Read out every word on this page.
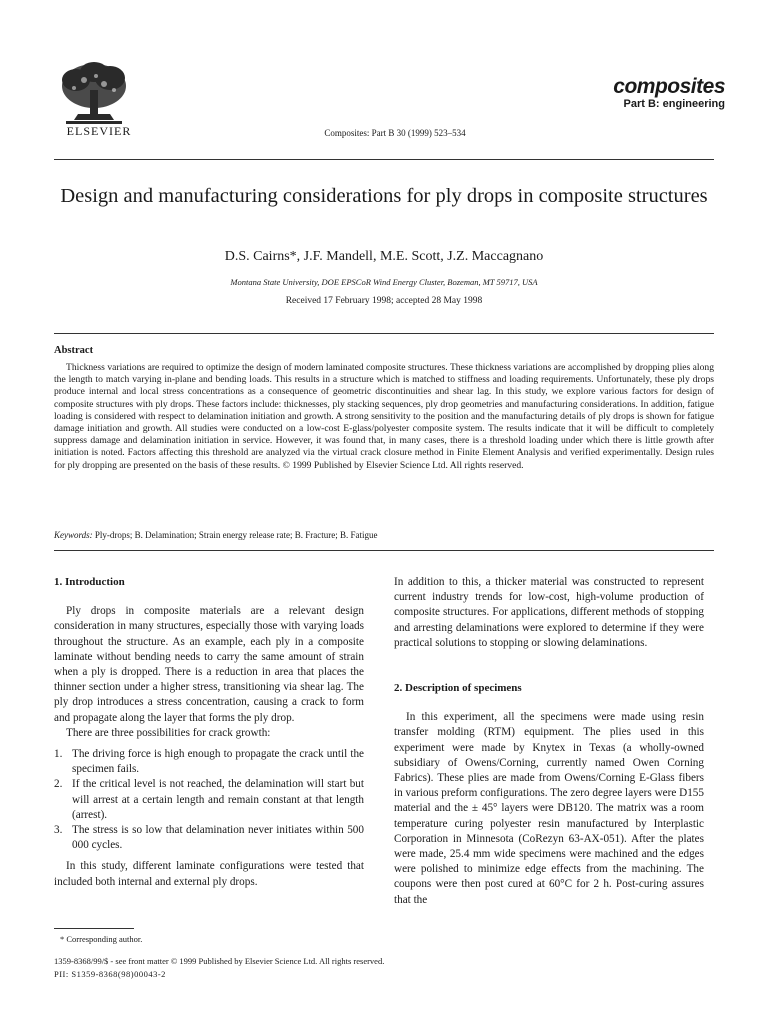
ELSEVIER	Composites: Part B 30 (1999) 523–534
composites
Part B: engineering
Design and manufacturing considerations for ply drops in composite structures
D.S. Cairns*, J.F. Mandell, M.E. Scott, J.Z. Maccagnano
Montana State University, DOE EPSCoR Wind Energy Cluster, Bozeman, MT 59717, USA
Received 17 February 1998; accepted 28 May 1998
Abstract
Thickness variations are required to optimize the design of modern laminated composite structures. These thickness variations are accomplished by dropping plies along the length to match varying in-plane and bending loads. This results in a structure which is matched to stiffness and loading requirements. Unfortunately, these ply drops produce internal and local stress concentrations as a consequence of geometric discontinuities and shear lag. In this study, we explore various factors for design of composite structures with ply drops. These factors include: thicknesses, ply stacking sequences, ply drop geometries and manufacturing considerations. In addition, fatigue loading is considered with respect to delamination initiation and growth. A strong sensitivity to the position and the manufacturing details of ply drops is shown for fatigue damage initiation and growth. All studies were conducted on a low-cost E-glass/polyester composite system. The results indicate that it will be difficult to completely suppress damage and delamination initiation in service. However, it was found that, in many cases, there is a threshold loading under which there is little growth after initiation is noted. Factors affecting this threshold are analyzed via the virtual crack closure method in Finite Element Analysis and verified experimentally. Design rules for ply dropping are presented on the basis of these results. © 1999 Published by Elsevier Science Ltd. All rights reserved.
Keywords: Ply-drops; B. Delamination; Strain energy release rate; B. Fracture; B. Fatigue

1. Introduction

Ply drops in composite materials are a relevant design consideration in many structures, especially those with varying loads throughout the structure. As an example, each ply in a composite laminate without bending needs to carry the same amount of strain when a ply is dropped. There is a reduction in area that places the thinner section under a higher stress, transitioning via shear lag. The ply drop introduces a stress concentration, causing a crack to form and propagate along the layer that forms the ply drop.

There are three possibilities for crack growth:

1. The driving force is high enough to propagate the crack until the specimen fails.
2. If the critical level is not reached, the delamination will start but will arrest at a certain length and remain constant at that length (arrest).
3. The stress is so low that delamination never initiates within 500 000 cycles.

In this study, different laminate configurations were tested that included both internal and external ply drops.

In addition to this, a thicker material was constructed to represent current industry trends for low-cost, high-volume production of composite structures. For applications, different methods of stopping and arresting delaminations were explored to determine if they were practical solutions to stopping or slowing delaminations.

2. Description of specimens

In this experiment, all the specimens were made using resin transfer molding (RTM) equipment. The plies used in this experiment were made by Knytex in Texas (a wholly-owned subsidiary of Owens/Corning, currently named Owen Corning Fabrics). These plies are made from Owens/Corning E-Glass fibers in various preform configurations. The zero degree layers were D155 material and the ± 45° layers were DB120. The matrix was a room temperature curing polyester resin manufactured by Interplastic Corporation in Minnesota (CoRezyn 63-AX-051). After the plates were made, 25.4 mm wide specimens were machined and the edges were polished to minimize edge effects from the machining. The coupons were then post cured at 60°C for 2 h. Post-curing assures that the

* Corresponding author.
1359-8368/99/$ - see front matter © 1999 Published by Elsevier Science Ltd. All rights reserved.
PII: S1359-8368(98)00043-2
